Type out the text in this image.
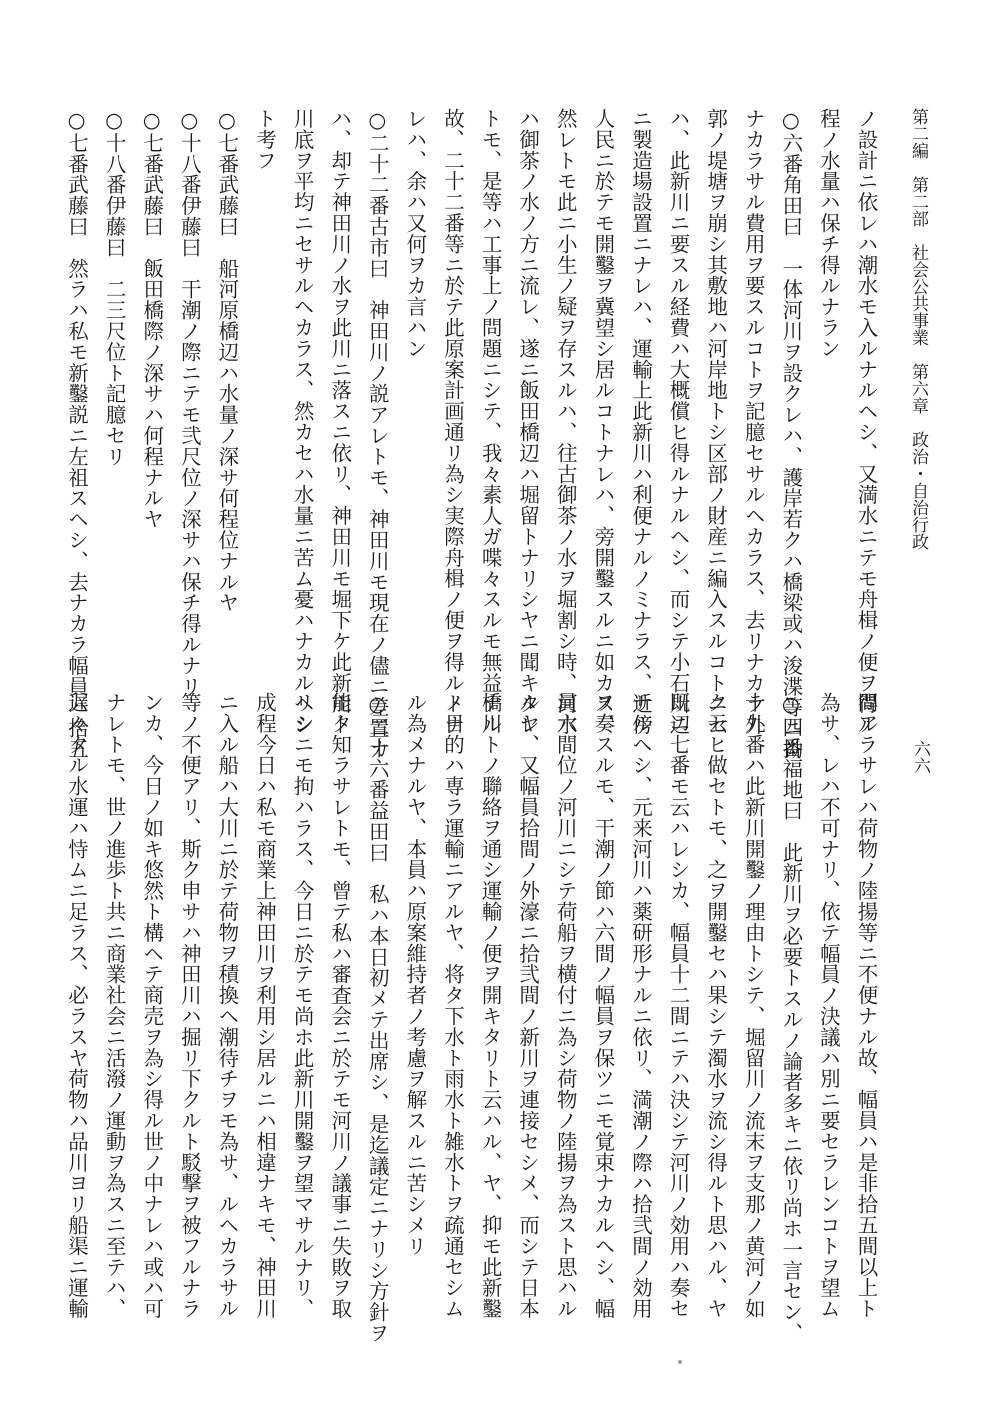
第二編　第二部　社会公共事業　第六章　政治・自治行政
六六
ノ設計ニ依レハ潮水モ入ルナルヘシ、又満水ニテモ舟楫ノ便ヲ得ル
程ノ水量ハ保チ得ルナラン
○六番角田曰　一体河川ヲ設クレハ、護岸若クハ橋梁或ハ浚渫等ニ拗
ナカラサル費用ヲ要スルコトヲ記臆セサルヘカラス、去リナカラ外
郭ノ堤塘ヲ崩シ其敷地ハ河岸地トシ区部ノ財産ニ編入スルコトニセ
ハ、此新川ニ要スル経費ハ大概償ヒ得ルナルヘシ、而シテ小石川辺
ニ製造場設置ニナレハ、運輸上此新川ハ利便ナルノミナラス、近傍
人民ニ於テモ開鑿ヲ冀望シ居ルコトナレハ、旁開鑿スルニ如カス、
然レトモ此ニ小生ノ疑ヲ存スルハ、往古御茶ノ水ヲ堀割シ時、河水
ハ御茶ノ水ノ方ニ流レ、遂ニ飯田橋辺ハ堀留トナリシヤニ聞キタレ
トモ、是等ハ工事上ノ問題ニシテ、我々素人ガ喋々スルモ無益ナル
故、二十二番等ニ於テ此原案計画通リ為シ実際舟楫ノ便ヲ得ルトナ
レハ、余ハ又何ヲカ言ハン
○二十二番古市曰　神田川ノ説アレトモ、神田川モ現在ノ儘ニ差置カ
ハ、却テ神田川ノ水ヲ此川ニ落スニ依リ、神田川モ堀下ケ此新川ト
川底ヲ平均ニセサルヘカラス、然カセハ水量ニ苦ム憂ハナカルヘシ
ト考フ
○七番武藤曰　船河原橋辺ハ水量ノ深サ何程位ナルヤ
○十八番伊藤曰　干潮ノ際ニテモ弐尺位ノ深サハ保チ得ルナリ
○七番武藤曰　飯田橋際ノ深サハ何程ナルヤ
○十八番伊藤曰　二三尺位ト記臆セリ
○七番武藤曰　然ラハ私モ新鑿説ニ左祖スヘシ、去ナカラ幅員ハ拾五
間アラサレハ荷物ノ陸揚等ニ不便ナル故、幅員ハ是非拾五間以上ト
為サ、レハ不可ナリ、依テ幅員ノ決議ハ別ニ要セラレンコトヲ望ム
○四番福地曰　此新川ヲ必要トスルノ論者多キニ依リ尚ホ一言セン、
十九番ハ此新川開鑿ノ理由トシテ、堀留川ノ流末ヲ支那ノ黄河ノ如
ク云ヒ做セトモ、之ヲ開鑿セハ果シテ濁水ヲ流シ得ルト思ハル、ヤ
既ニ七番モ云ハレシカ、幅員十二間ニテハ決シテ河川ノ効用ハ奏セ
サルヘシ、元来河川ハ薬研形ナルニ依リ、満潮ノ際ハ拾弐間ノ効用
ヲ奏スルモ、干潮ノ節ハ六間ノ幅員ヲ保ツニモ覚束ナカルヘシ、幅
員六間位ノ河川ニシテ荷船ヲ横付ニ為シ荷物ノ陸揚ヲ為スト思ハル
ルヤ、又幅員拾間ノ外濠ニ拾弐間ノ新川ヲ連接セシメ、而シテ日本
橋川トノ聯絡ヲ通シ運輸ノ便ヲ開キタリト云ハル、ヤ、抑モ此新鑿
ノ目的ハ専ラ運輸ニアルヤ、将タ下水ト雨水ト雑水トヲ疏通セシム
ル為メナルヤ、本員ハ原案維持者ノ考慮ヲ解スルニ苦シメリ
○二十六番益田曰　私ハ本日初メテ出席シ、是迄議定ニナリシ方針ヲ
能ク知ラサレトモ、曾テ私ハ審査会ニ於テモ河川ノ議事ニ失敗ヲ取
リシニモ拘ハラス、今日ニ於テモ尚ホ此新川開鑿ヲ望マサルナリ、
成程今日ハ私モ商業上神田川ヲ利用シ居ルニハ相違ナキモ、神田川
ニ入ル船ハ大川ニ於テ荷物ヲ積換ヘ潮待チヲモ為サ、ルヘカラサル
等ノ不便アリ、斯ク申サハ神田川ハ掘リ下クルト駁撃ヲ被フルナラ
ンカ、今日ノ如キ悠然ト構ヘテ商売ヲ為シ得ル世ノ中ナレハ或ハ可
ナレトモ、世ノ進歩ト共ニ商業社会ニ活潑ノ運動ヲ為スニ至テハ、
遅々タル水運ハ恃ムニ足ラス、必ラスヤ荷物ハ品川ヨリ船渠ニ運輸
